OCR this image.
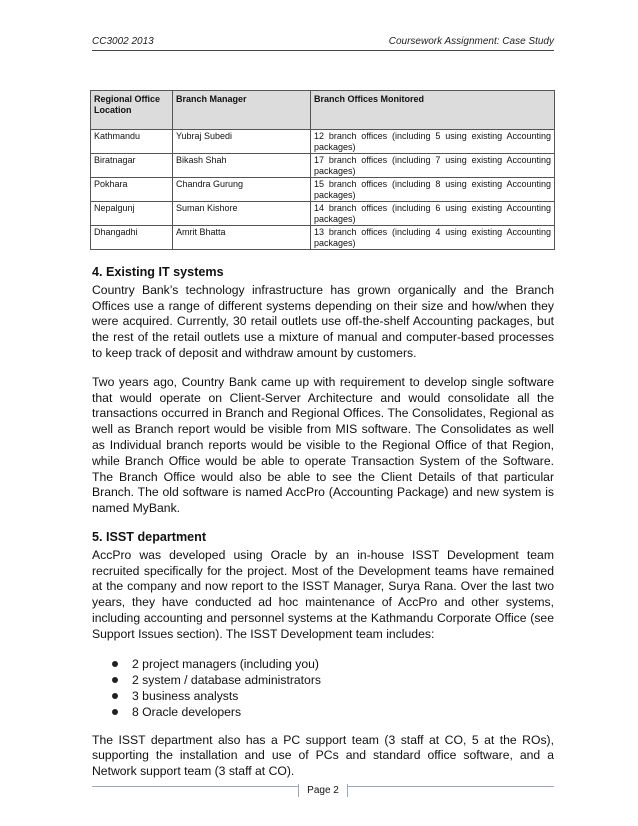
CC3002 2013	Coursework Assignment: Case Study
Regional Office Location	Branch Manager	Branch Offices Monitored
Kathmandu	Yubraj Subedi	12 branch offices (including 5 using existing Accounting packages)
Biratnagar	Bikash Shah	17 branch offices (including 7 using existing Accounting packages)
Pokhara	Chandra Gurung	15 branch offices (including 8 using existing Accounting packages)
Nepalgunj	Suman Kishore	14 branch offices (including 6 using existing Accounting packages)
Dhangadhi	Amrit Bhatta	13 branch offices (including 4 using existing Accounting packages)
4. Existing IT systems

Country Bank’s technology infrastructure has grown organically and the Branch Offices use a range of different systems depending on their size and how/when they were acquired. Currently, 30 retail outlets use off-the-shelf Accounting packages, but the rest of the retail outlets use a mixture of manual and computer-based processes to keep track of deposit and withdraw amount by customers.

Two years ago, Country Bank came up with requirement to develop single software that would operate on Client-Server Architecture and would consolidate all the transactions occurred in Branch and Regional Offices. The Consolidates, Regional as well as Branch report would be visible from MIS software. The Consolidates as well as Individual branch reports would be visible to the Regional Office of that Region, while Branch Office would be able to operate Transaction System of the Software. The Branch Office would also be able to see the Client Details of that particular Branch. The old software is named AccPro (Accounting Package) and new system is named MyBank.

5. ISST department

AccPro was developed using Oracle by an in-house ISST Development team recruited specifically for the project. Most of the Development teams have remained at the company and now report to the ISST Manager, Surya Rana. Over the last two years, they have conducted ad hoc maintenance of AccPro and other systems, including accounting and personnel systems at the Kathmandu Corporate Office (see Support Issues section). The ISST Development team includes:

2 project managers (including you)
2 system / database administrators
3 business analysts
8 Oracle developers

The ISST department also has a PC support team (3 staff at CO, 5 at the ROs), supporting the installation and use of PCs and standard office software, and a Network support team (3 staff at CO).

Page 2
